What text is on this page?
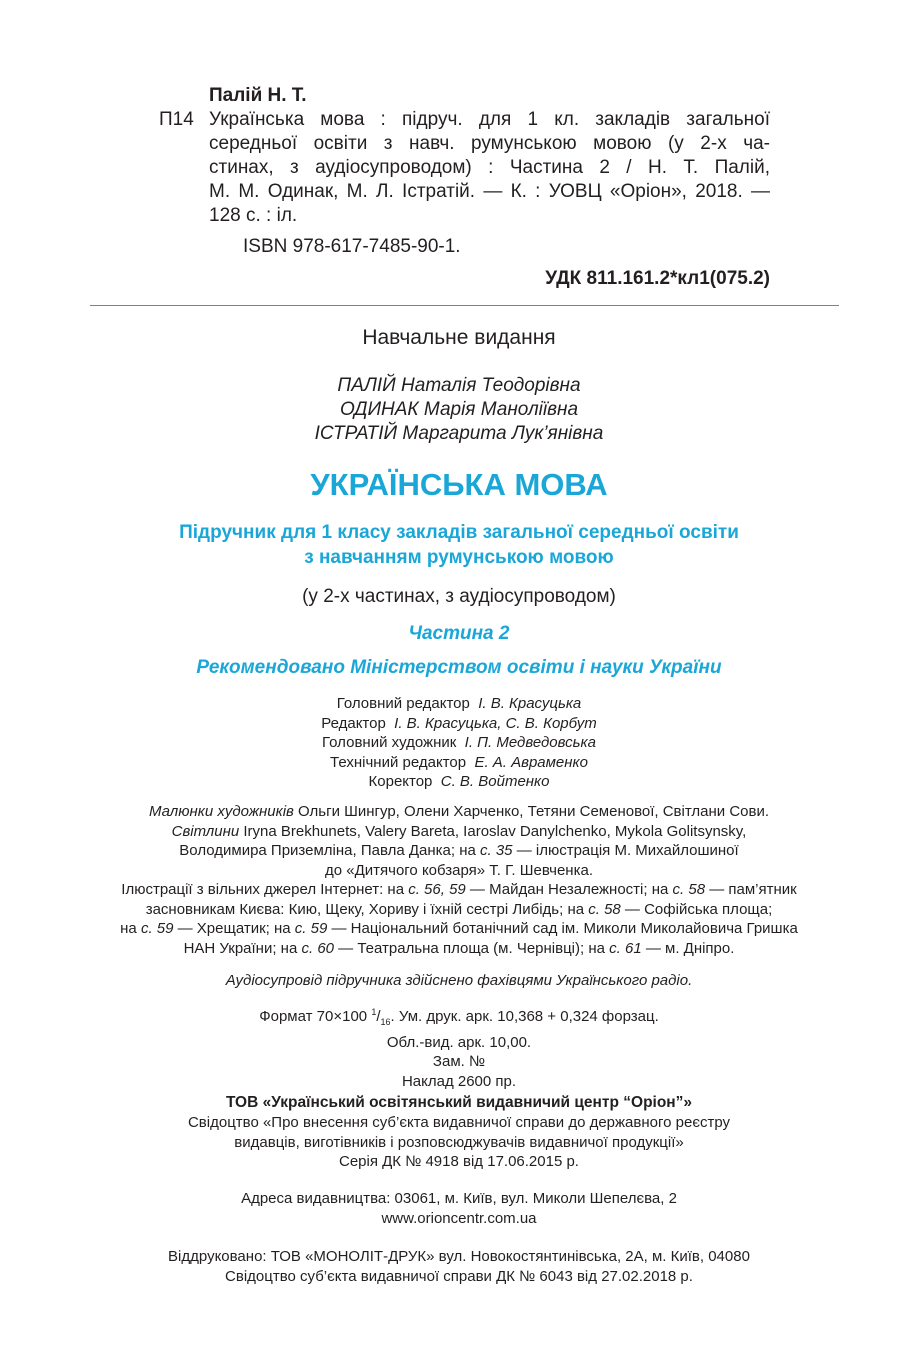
Палій Н. Т.
П14 Українська мова : підруч. для 1 кл. закладів загальної
середньої освіти з навч. румунською мовою (у 2-х ча-
стинах, з аудіосупроводом) : Частина 2 / Н. Т. Палій,
М. М. Одинак, М. Л. Істратій. — К. : УОВЦ «Оріон», 2018. —
128 с. : іл.
ISBN 978-617-7485-90-1.
УДК 811.161.2*кл1(075.2)
Навчальне видання
ПАЛІЙ Наталія Теодорівна
ОДИНАК Марія Маноліївна
ІСТРАТІЙ Маргарита Лук’янівна
УКРАЇНСЬКА МОВА
Підручник для 1 класу закладів загальної середньої освіти
з навчанням румунською мовою
(у 2-х частинах, з аудіосупроводом)
Частина 2
Рекомендовано Міністерством освіти і науки України
Головний редактор І. В. Красуцька
Редактор І. В. Красуцька, С. В. Корбут
Головний художник І. П. Медведовська
Технічний редактор Е. А. Авраменко
Коректор С. В. Войтенко
Малюнки художників Ольги Шингур, Олени Харченко, Тетяни Семенової, Світлани Сови.
Світлини Iryna Brekhunets, Valery Bareta, Iaroslav Danylchenko, Mykola Golitsynsky,
Володимира Приземліна, Павла Данка; на с. 35 — ілюстрація М. Михайлошиної
до «Дитячого кобзаря» Т. Г. Шевченка.
Ілюстрації з вільних джерел Інтернет: на с. 56, 59 — Майдан Незалежності; на с. 58 — пам’ятник
засновникам Києва: Кию, Щеку, Хориву і їхній сестрі Либідь; на с. 58 — Софійська площа;
на с. 59 — Хрещатик; на с. 59 — Національний ботанічний сад ім. Миколи Миколайовича Гришка
НАН України; на с. 60 — Театральна площа (м. Чернівці); на с. 61 — м. Дніпро.
Аудіосупровід підручника здійснено фахівцями Українського радіо.
Формат 70×100 $^1/_{16}$. Ум. друк. арк. 10,368 + 0,324 форзац.
Обл.-вид. арк. 10,00.
Зам. №
Наклад 2600 пр.
ТОВ «Український освітянський видавничий центр “Оріон”»
Свідоцтво «Про внесення суб’єкта видавничої справи до державного реєстру
видавців, виготівників і розповсюджувачів видавничої продукції»
Серія ДК № 4918 від 17.06.2015 р.
Адреса видавництва: 03061, м. Київ, вул. Миколи Шепелєва, 2
www.orioncentr.com.ua
Віддруковано: ТОВ «МОНОЛІТ-ДРУК» вул. Новокостянтинівська, 2А, м. Київ, 04080
Свідоцтво суб’єкта видавничої справи ДК № 6043 від 27.02.2018 р.
